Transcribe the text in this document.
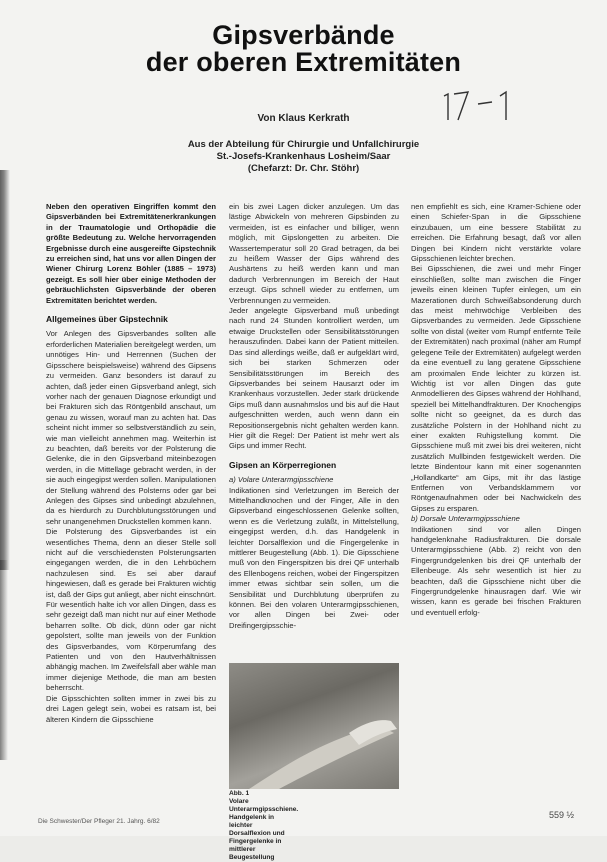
Gipsverbände
der oberen Extremitäten
Von Klaus Kerkrath
Aus der Abteilung für Chirurgie und Unfallchirurgie
St.-Josefs-Krankenhaus Losheim/Saar
(Chefarzt: Dr. Chr. Stöhr)

Neben den operativen Eingriffen kommt den Gipsverbänden bei Extremitätenerkrankungen in der Traumatologie und Orthopädie die größte Bedeutung zu. Welche hervorragenden Ergebnisse durch eine ausgereifte Gipstechnik zu erreichen sind, hat uns vor allen Dingen der Wiener Chirurg Lorenz Böhler (1885 – 1973) gezeigt. Es soll hier über einige Methoden der gebräuchlichsten Gipsverbände der oberen Extremitäten berichtet werden.

Allgemeines über Gipstechnik

Vor Anlegen des Gipsverbandes sollten alle erforderlichen Materialien bereitgelegt werden, um unnötiges Hin- und Herrennen (Suchen der Gipsschere beispielsweise) während des Gipsens zu vermeiden. Ganz besonders ist darauf zu achten, daß jeder einen Gipsverband anlegt, sich vorher nach der genauen Diagnose erkundigt und bei Frakturen sich das Röntgenbild anschaut, um genau zu wissen, worauf man zu achten hat. Das scheint nicht immer so selbstverständlich zu sein, wie man vielleicht annehmen mag. Weiterhin ist zu beachten, daß bereits vor der Polsterung die Gelenke, die in den Gipsverband miteinbezogen werden, in die Mittellage gebracht werden, in der sie auch eingegipst werden sollen. Manipulationen der Stellung während des Polsterns oder gar bei Anlegen des Gipses sind unbedingt abzulehnen, da es hierdurch zu Durchblutungsstörungen und sehr unangenehmen Druckstellen kommen kann.

Die Polsterung des Gipsverbandes ist ein wesentliches Thema, denn an dieser Stelle soll nicht auf die verschiedensten Polsterungsarten eingegangen werden, die in den Lehrbüchern nachzulesen sind. Es sei aber darauf hingewiesen, daß es gerade bei Frakturen wichtig ist, daß der Gips gut anliegt, aber nicht einschnürt. Für wesentlich halte ich vor allen Dingen, dass es sehr gezeigt daß man nicht nur auf einer Methode beharren sollte. Ob dick, dünn oder gar nicht gepolstert, sollte man jeweils von der Funktion des Gipsverbandes, vom Körperumfang des Patienten und von den Hautverhältnissen abhängig machen. Im Zweifelsfall aber wähle man immer diejenige Methode, die man am besten beherrscht.

Die Gipsschichten sollten immer in zwei bis zu drei Lagen gelegt sein, wobei es ratsam ist, bei älteren Kindern die Gipsschiene

ein bis zwei Lagen dicker anzulegen. Um das lästige Abwickeln von mehreren Gipsbinden zu vermeiden, ist es einfacher und billiger, wenn möglich, mit Gipslongetten zu arbeiten. Die Wassertemperatur soll 20 Grad betragen, da bei zu heißem Wasser der Gips während des Aushärtens zu heiß werden kann und man dadurch Verbrennungen im Bereich der Haut erzeugt. Gips schnell wieder zu entfernen, um Verbrennungen zu vermeiden.

Jeder angelegte Gipsverband muß unbedingt nach rund 24 Stunden kontrolliert werden, um etwaige Druckstellen oder Sensibilitätsstörungen herauszufinden. Dabei kann der Patient mitteilen. Das sind allerdings weiße, daß er aufgeklärt wird, sich bei starken Schmerzen oder Sensibilitätsstörungen im Bereich des Gipsverbandes bei seinem Hausarzt oder im Krankenhaus vorzustellen. Jeder stark drückende Gips muß dann ausnahmslos und bis auf die Haut aufgeschnitten werden, auch wenn dann ein Repositionsergebnis nicht gehalten werden kann. Hier gilt die Regel: Der Patient ist mehr wert als Gips und immer Recht.

Gipsen an Körperregionen

a) Volare Unterarmgipsschiene

Indikationen sind Verletzungen im Bereich der Mittelhandknochen und der Finger, Alle in den Gipsverband eingeschlossenen Gelenke sollten, wenn es die Verletzung zuläßt, in Mittelstellung, eingegipst werden, d.h. das Handgelenk in leichter Dorsalflexion und die Fingergelenke in mittlerer Beugestellung (Abb. 1). Die Gipsschiene muß von den Fingerspitzen bis drei QF unterhalb des Ellenbogens reichen, wobei der Fingerspitzen immer etwas sichtbar sein sollen, um die Sensibilität und Durchblutung überprüfen zu können. Bei den volaren Unterarmgipsschienen, vor allen Dingen bei Zwei- oder Dreifingergipsschie-

Abb. 1
Volare Unterarmgipsschiene. Handgelenk in leichter Dorsalflexion und Fingergelenke in mittlerer Beugestellung

nen empfiehlt es sich, eine Kramer-Schiene oder einen Schiefer-Span in die Gipsschiene einzubauen, um eine bessere Stabilität zu erreichen. Die Erfahrung besagt, daß vor allen Dingen bei Kindern nicht verstärkte volare Gipsschienen leichter brechen.

Bei Gipsschienen, die zwei und mehr Finger einschließen, sollte man zwischen die Finger jeweils einen kleinen Tupfer einlegen, um ein Mazerationen durch Schweißabsonderung durch das meist mehrwöchige Verbleiben des Gipsverbandes zu vermeiden. Jede Gipsschiene sollte von distal (weiter vom Rumpf entfernte Teile der Extremitäten) nach proximal (näher am Rumpf gelegene Teile der Extremitäten) aufgelegt werden da eine eventuell zu lang geratene Gipsschiene am proximalen Ende leichter zu kürzen ist. Wichtig ist vor allen Dingen das gute Anmodellieren des Gipses während der Hohlhand, speziell bei Mittelhandfrakturen. Der Knochengips sollte nicht so geeignet, da es durch das zusätzliche Polstern in der Hohlhand nicht zu einer exakten Ruhigstellung kommt. Die Gipsschiene muß mit zwei bis drei weiteren, nicht zusätzlich Mullbinden festgewickelt werden. Die letzte Bindentour kann mit einer sogenannten „Hollandkarte“ am Gips, mit ihr das lästige Entfernen von Verbandsklammern vor Röntgenaufnahmen oder bei Nachwickeln des Gipses zu ersparen.

b) Dorsale Unterarmgipsschiene

Indikationen sind vor allen Dingen handgelenknahe Radiusfrakturen. Die dorsale Unterarmgipsschiene (Abb. 2) reicht von den Fingergrundgelenken bis drei QF unterhalb der Ellenbeuge. Als sehr wesentlich ist hier zu beachten, daß die Gipsschiene nicht über die Fingergrundgelenke hinausragen darf. Wie wir wissen, kann es gerade bei frischen Frakturen und eventuell erfolg-

Die Schwester/Der Pfleger 21. Jahrg. 6/82
559 ½
